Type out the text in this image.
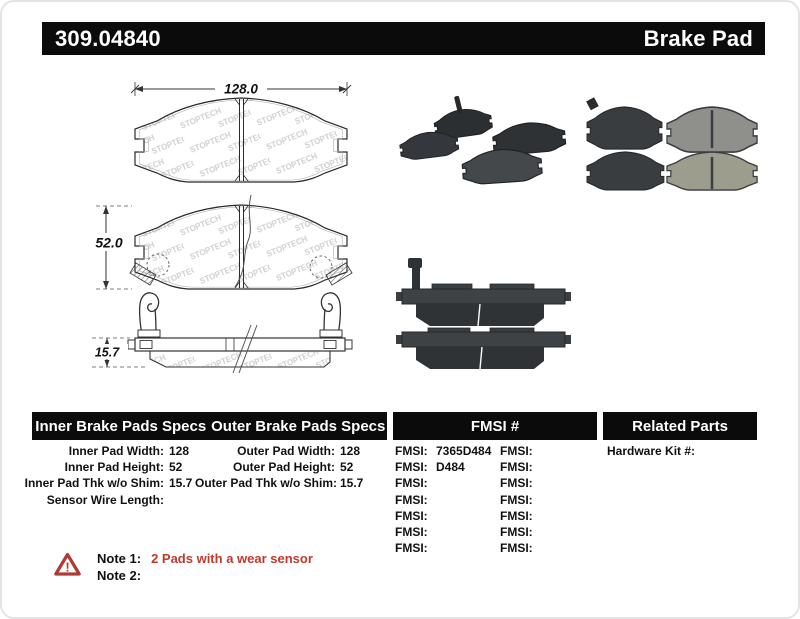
309.04840	Brake Pad
128.0
52.0
15.7
Inner Brake Pads Specs Outer Brake Pads Specs	FMSI #	Related Parts
Inner Pad Width: 128
Inner Pad Height: 52
Inner Pad Thk w/o Shim: 15.7
Sensor Wire Length:
Outer Pad Width: 128
Outer Pad Height: 52
Outer Pad Thk w/o Shim: 15.7
FMSI: 7365D484
FMSI: D484
FMSI:
FMSI:
FMSI:
FMSI:
FMSI:
FMSI:
FMSI:
FMSI:
FMSI:
FMSI:
FMSI:
FMSI:
Hardware Kit #:
!
Note 1: 2 Pads with a wear sensor
Note 2:
